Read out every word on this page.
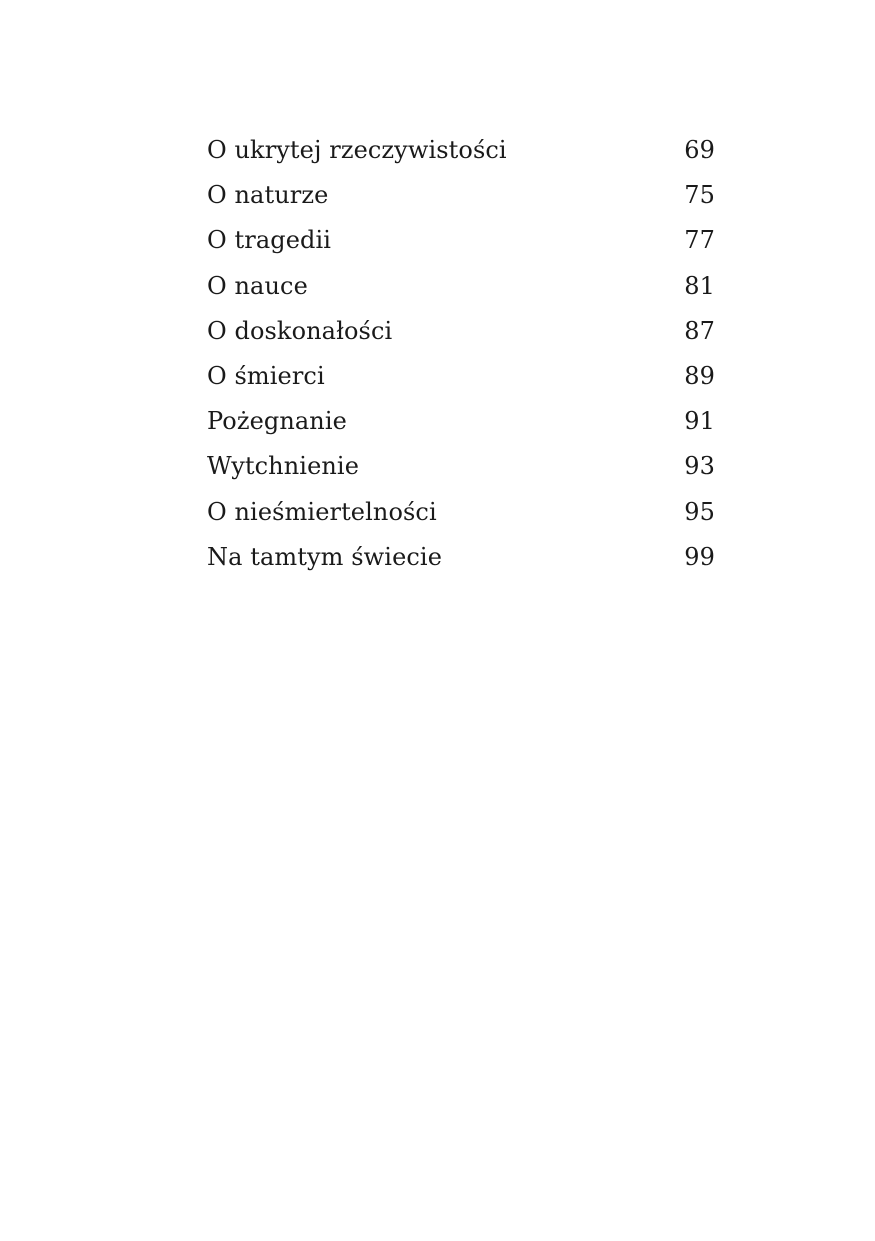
O ukrytej rzeczywistości	69
O naturze	75
O tragedii	77
O nauce	81
O doskonałości	87
O śmierci	89
Pożegnanie	91
Wytchnienie	93
O nieśmiertelności	95
Na tamtym świecie	99
